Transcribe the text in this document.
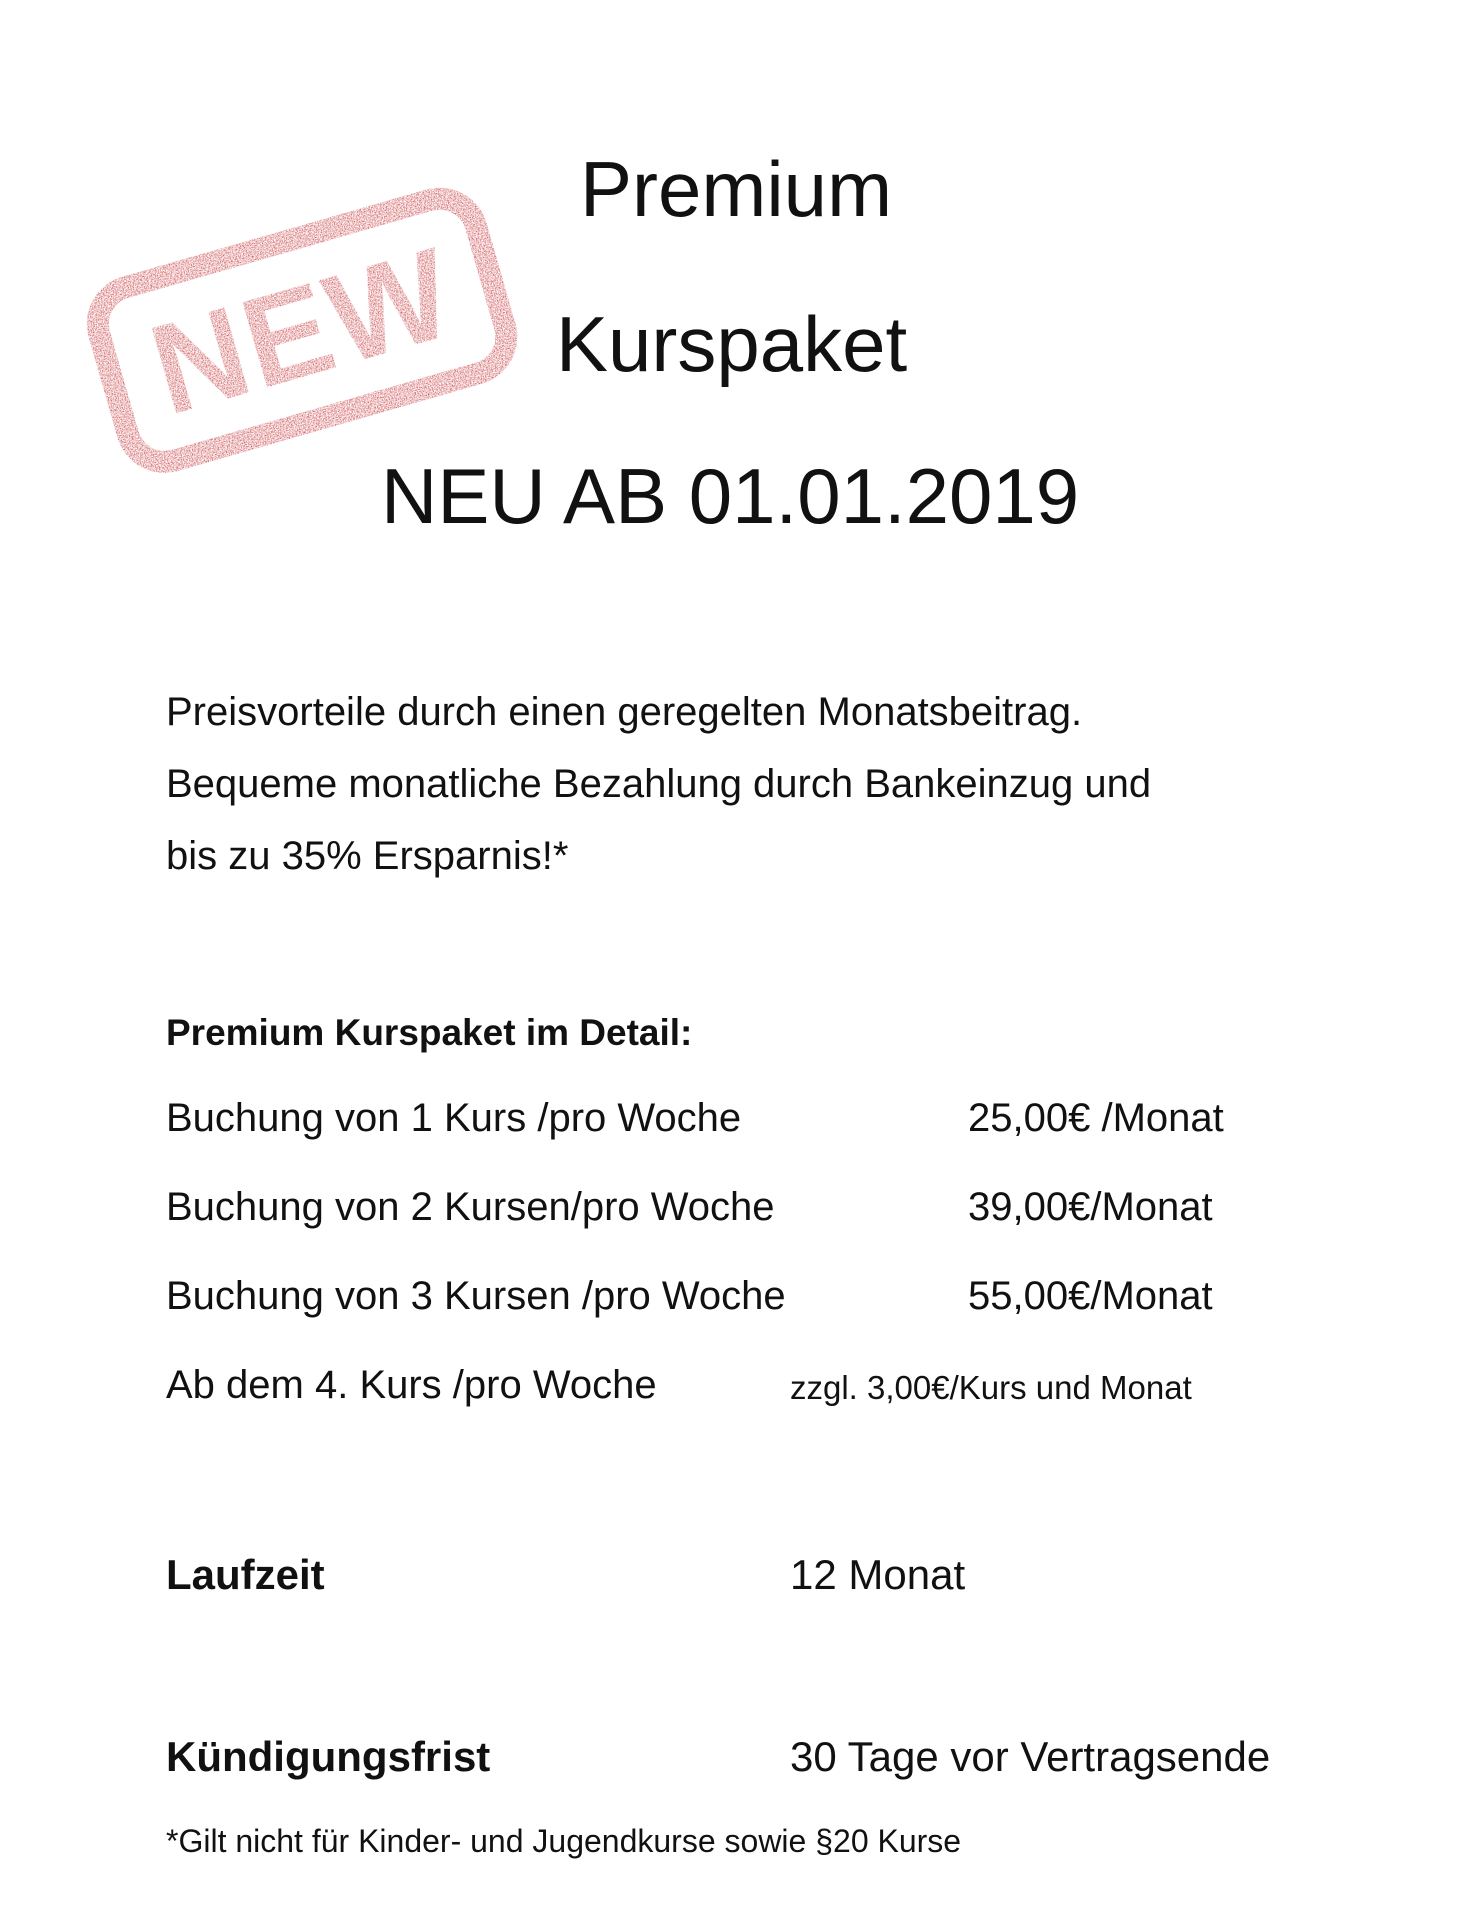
NEW
Premium
Kurspaket
NEU AB 01.01.2019
Preisvorteile durch einen geregelten Monatsbeitrag.
Bequeme monatliche Bezahlung durch Bankeinzug und
bis zu 35% Ersparnis!*
Premium Kurspaket im Detail:
Buchung von 1 Kurs /pro Woche	25,00€ /Monat
Buchung von 2 Kursen/pro Woche	39,00€/Monat
Buchung von 3 Kursen /pro Woche	55,00€/Monat
Ab dem 4. Kurs /pro Woche	zzgl. 3,00€/Kurs und Monat
Laufzeit	12 Monat
Kündigungsfrist	30 Tage vor Vertragsende
*Gilt nicht für Kinder- und Jugendkurse sowie §20 Kurse
